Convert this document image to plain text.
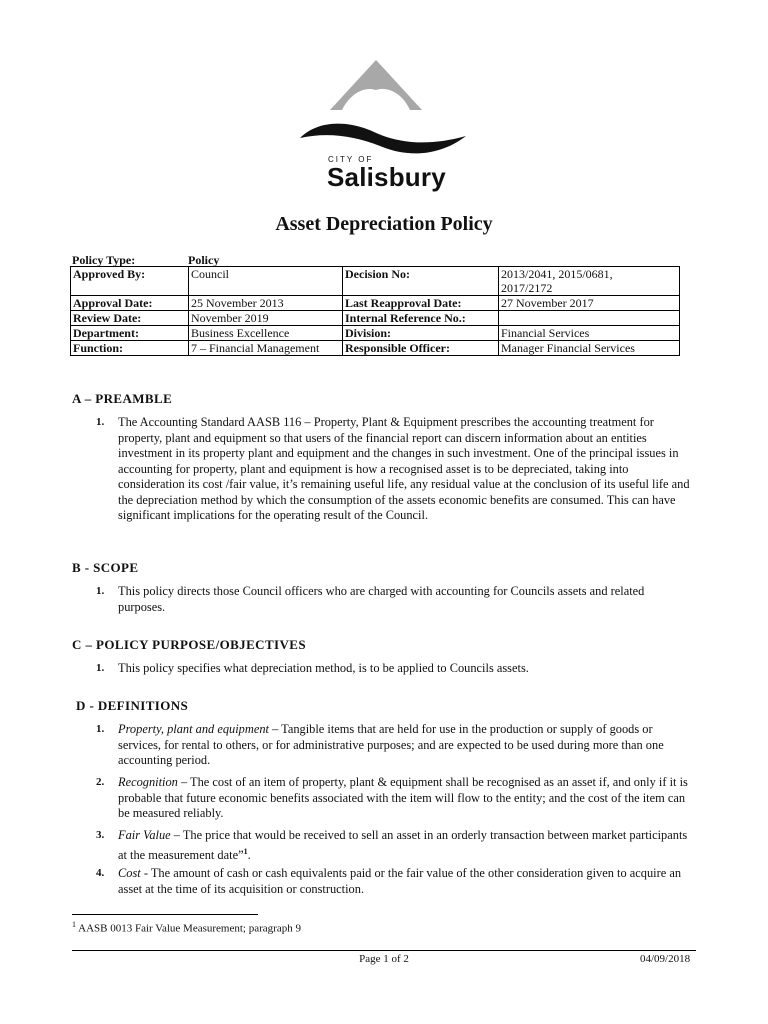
CITY OF
Salisbury
Asset Depreciation Policy
Policy Type:	Policy
Approved By:	Council	Decision No:	2013/2041, 2015/0681,
2017/2172

Approval Date:	25 November 2013	Last Reapproval Date:	27 November 2017
Review Date:	November 2019	Internal Reference No.:	
Department:	Business Excellence	Division:	Financial Services
Function:	7 – Financial Management	Responsible Officer:	Manager Financial Services
A – PREAMBLE
1. The Accounting Standard AASB 116 – Property, Plant & Equipment prescribes the accounting treatment for property, plant and equipment so that users of the financial report can discern information about an entities investment in its property plant and equipment and the changes in such investment. One of the principal issues in accounting for property, plant and equipment is how a recognised asset is to be depreciated, taking into consideration its cost /fair value, it’s remaining useful life, any residual value at the conclusion of its useful life and the depreciation method by which the consumption of the assets economic benefits are consumed. This can have significant implications for the operating result of the Council.
B - SCOPE
1. This policy directs those Council officers who are charged with accounting for Councils assets and related purposes.
C – POLICY PURPOSE/OBJECTIVES
1. This policy specifies what depreciation method, is to be applied to Councils assets.
D - DEFINITIONS
1. Property, plant and equipment – Tangible items that are held for use in the production or supply of goods or services, for rental to others, or for administrative purposes; and are expected to be used during more than one accounting period.
2. Recognition – The cost of an item of property, plant & equipment shall be recognised as an asset if, and only if it is probable that future economic benefits associated with the item will flow to the entity; and the cost of the item can be measured reliably.
3. Fair Value – The price that would be received to sell an asset in an orderly transaction between market participants at the measurement date”$^1$.
4. Cost - The amount of cash or cash equivalents paid or the fair value of the other consideration given to acquire an asset at the time of its acquisition or construction.
$^1$ AASB 0013 Fair Value Measurement; paragraph 9
Page 1 of 2	04/09/2018
